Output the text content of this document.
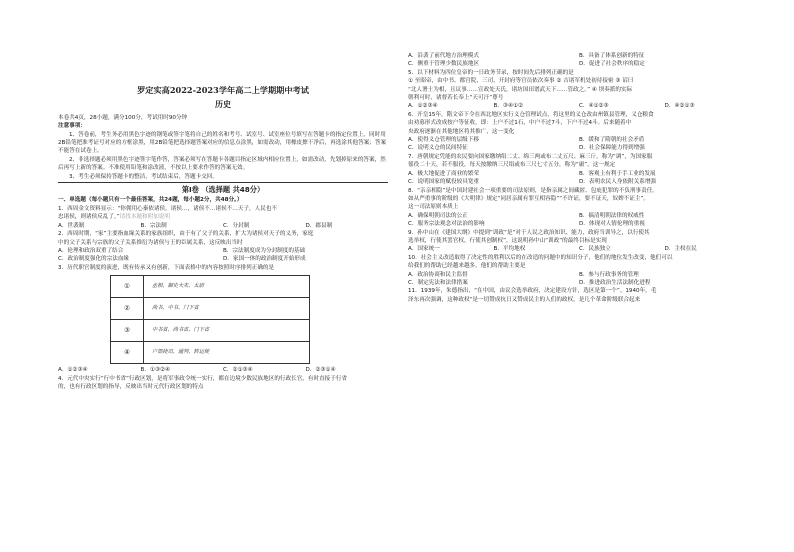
罗定实高2022-2023学年高二上学期期中考试
历史

本卷共4页，28小题，满分100分，考试用时90分钟

注意事项：

1、答卷前，考生务必用黑色字迹的钢笔或签字笔将自己的姓名和考号、试室号、试室座位号填写在答题卡的指定位置上，同时用2B铅笔把准考证号对应的方框涂黑，用2B铅笔把选择题答案对应的信息点涂黑，如需改动，用橡皮擦干净后，再选涂其他答案；答案不能答在试卷上。

2、非选择题必须用黑色字迹签字笔作答，答案必须写在答题卡各题目指定区域内相应位置上，如需改动，先划掉原来的答案，然后再写上新的答案。不准使用铅笔和涂改液，不按以上要求作答的答案无效。

3、考生必须保持答题卡的整洁，考试结束后，答题卡交回。

第Ⅰ卷 （选择题 共48分）

一、单选题（每小题只有一个最佳答案，共24题，每小题2分，共48分。）

1．西周金文资料显示：“你佣用心秦依诸侯，诸侯…，诸侯不…诸侯不…天子，人民也不

忠诸侯，则诸侯反乱了，”请找本题和附加说明

A．世袭制	B．宗法制	C．分封制	D．郡县制

2．西周时期，“家”主要指血缘关系的家族组织，由于有了父子的关系，扩大为诸侯对天子的义务，家庭

中的父子关系与宗族的父子关系推衍为诸侯与王的臣属关系，这反映出当时

A．伦理和政治双重了结合	B．宗法制度成为分封制度的基础
C．政治制度强化的宗法血缘	D．家国一体的政治制度开始形成

3．历代职官制度的演进，既有传承又有创新，下面表格中的内容按照时序排列正确的是

①	丞相、御史大夫、太尉
②	尚书、中书、门下省
③	中书省、尚书省、门下省
④	户部使司、通判、转运使
A．①②③④	B．①③②④	C．②①③④	D．②③①④

4．元代中央实行“行中书省”行政区划，是将军事政令统一实行，都在边境少数民族地区的行政长官，有时直接于行省

的，也有行政区划的指导，反映出当时元代行政区划的特点

A．沿袭了前代地方治理模式	B．具备了体系创新的特征
C．侧重于管理少数民族地区	D．促进了社会秩序的稳定

5．以下材料为四位皇帝的一日政务节录，按时间先后排列正确的是

① 至昭帝，由中书、都宫院、三司、开封府等官员依次奏事 ② 吉诸军机处初待接密 ③ 诏曰

“北人署士为相，且议事……宣政处天氏，诸坊国田谱武天下……管政之。” ④ 坝奏派的实际

朝利可时，诸督若长奉上“天可汗”尊号

A．①②③④	B．③④①②	C．④①②③	D．④②①③

6．开皇15年，隋文帝下令在西北地区实行义仓管理试点，将这里的义仓改由州镇县管理，义仓粮食

由劝募形式改成按户等征收，即：上户不过1石，中户不过7斗，下户不过4斗。后来随着中

央政府逐渐在其他地区将其推广，这一变化

A．使得义仓管理的层级下移	B．缓和了隋朝的社会矛盾
C．说明义仓的民间特征	D．社会保障能力得到增强

7．唐朝规定凭能的农民要向国家缴纳绢二丈、绵三两或布二丈五尺、麻三斤，称为“调”，为国家服

徭役二十天，若不服役，每天按缴纳三尺绢或布三尺七寸五分，称为“庸”。这一规定

A．极大地促进了商业的繁荣	B．客观上有利于手工业的发展
C．说明国家的赋役较具宽重	D．表明农民人身依附关系增强

8．“亲亲相隐”是中国封建社会一项重要的司法原则，是指亲属之间藏匿、包庇犯罪的不负刑事责任。

如从严重事的阶级的《大明律》规定“同居亲属有罪互相容隐”“不许证，要不证天，奴婢不证主”。

这一司法原则本质上

A．确保明朝司法的公正	B．搞清明朝法律的权威性
C．服务宗法观念对法治的影响	D．体现对人情伦理的重视

9．孙中山在《建国大纲》中提到“训政”是“对于人民之政治知识、能力，政府当训导之，以行使其

选举权，行使其罢官权，行使其创制权”，这说明孙中山“训政”的最终目标是实现

A．国家统一	B．平均地权	C．民族独立	D．主权在民

10．社会主义改造取得了决定性的胜利以后的在改造的问题中的知识分子，他们的地位发生改变，他们可以

给我们的帮助已经越来越多，他们的帮助主要是

A．政治协商和民主监督	B．参与行政事务的管理
C．制定宪法和法律措案	D．推进政治生活法制化进程

11．1939年，朱德指出，“在中国，由议会选举政府，决定建设方针，选区是第一个”。1940年，毛

泽东再次强调，这种政权“是一切赞成抗日又赞成民主的人们的政权，是几个革命阶级联合起来
